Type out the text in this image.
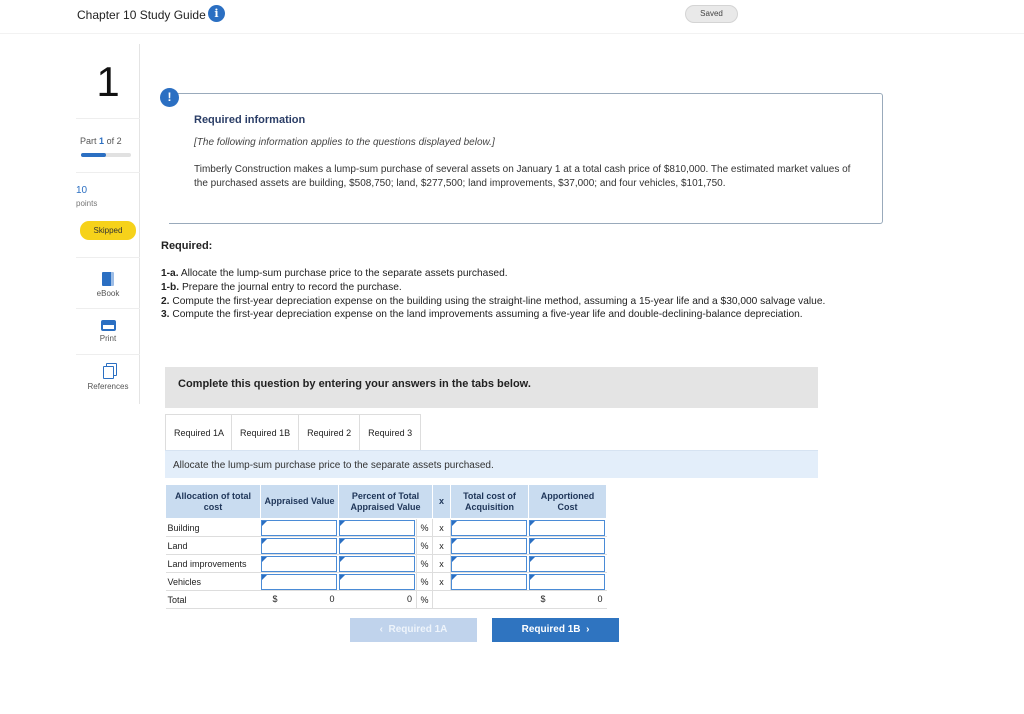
Chapter 10 Study Guide i	Saved
1
Part 1 of 2
10
points
Skipped
eBook
Print
References
Required information
[The following information applies to the questions displayed below.]
Timberly Construction makes a lump-sum purchase of several assets on January 1 at a total cash price of $810,000. The estimated market values of the purchased assets are building, $508,750; land, $277,500; land improvements, $37,000; and four vehicles, $101,750.
!
Required:
1-a. Allocate the lump-sum purchase price to the separate assets purchased.
1-b. Prepare the journal entry to record the purchase.
2. Compute the first-year depreciation expense on the building using the straight-line method, assuming a 15-year life and a $30,000 salvage value.
3. Compute the first-year depreciation expense on the land improvements assuming a five-year life and double-declining-balance depreciation.
Complete this question by entering your answers in the tabs below.
Required 1A	Required 1B	Required 2	Required 3
Allocate the lump-sum purchase price to the separate assets purchased.
Allocation of total cost	Appraised Value	Percent of Total Appraised Value		x	Total cost of Acquisition	Apportioned Cost
Building			%	x	

Land			%	x	

Land improvements			%	x	

Vehicles			%	x	

Total	$ 0	0	%			$ 0
‹ Required 1A	Required 1B ›
